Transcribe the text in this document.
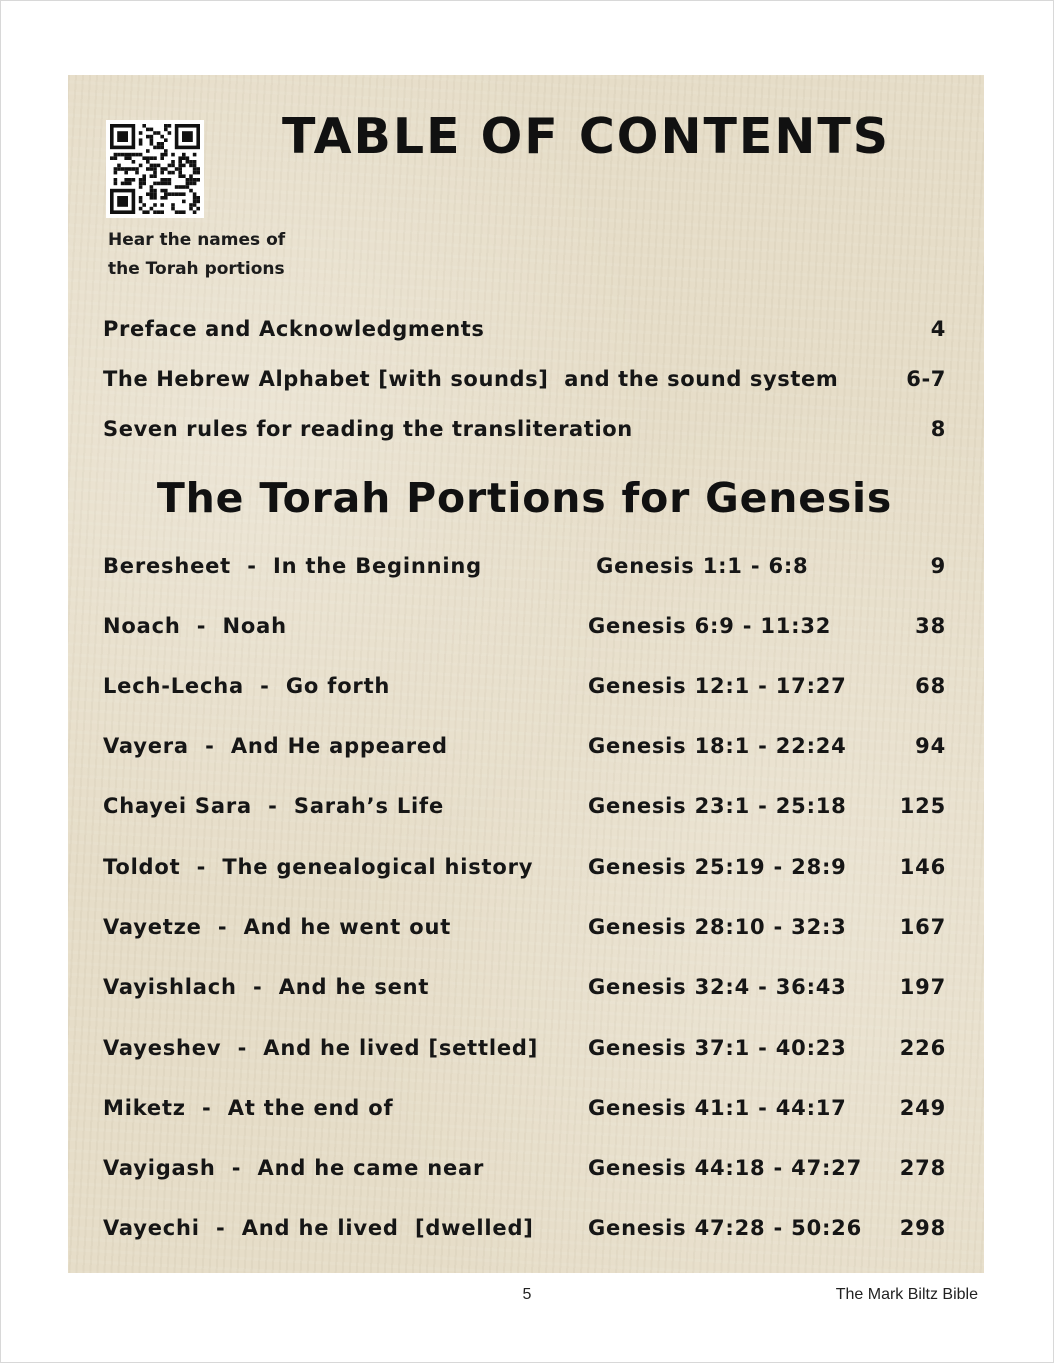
Hear the names of
the Torah portions
TABLE OF CONTENTS
Preface and Acknowledgments	4
The Hebrew Alphabet [with sounds]  and the sound system	6-7
Seven rules for reading the transliteration	8
The Torah Portions for Genesis
Beresheet  -  In the Beginning	Genesis 1:1 - 6:8	9
Noach  -  Noah	Genesis 6:9 - 11:32	38
Lech-Lecha  -  Go forth	Genesis 12:1 - 17:27	68
Vayera  -  And He appeared	Genesis 18:1 - 22:24	94
Chayei Sara  -  Sarah’s Life	Genesis 23:1 - 25:18	125
Toldot  -  The genealogical history	Genesis 25:19 - 28:9	146
Vayetze  -  And he went out	Genesis 28:10 - 32:3	167
Vayishlach  -  And he sent	Genesis 32:4 - 36:43	197
Vayeshev  -  And he lived [settled] Genesis 37:1 - 40:23	226
Miketz  -  At the end of	Genesis 41:1 - 44:17	249
Vayigash  -  And he came near	Genesis 44:18 - 47:27 278
Vayechi  -  And he lived  [dwelled]	Genesis 47:28 - 50:26 298
5	The Mark Biltz Bible
